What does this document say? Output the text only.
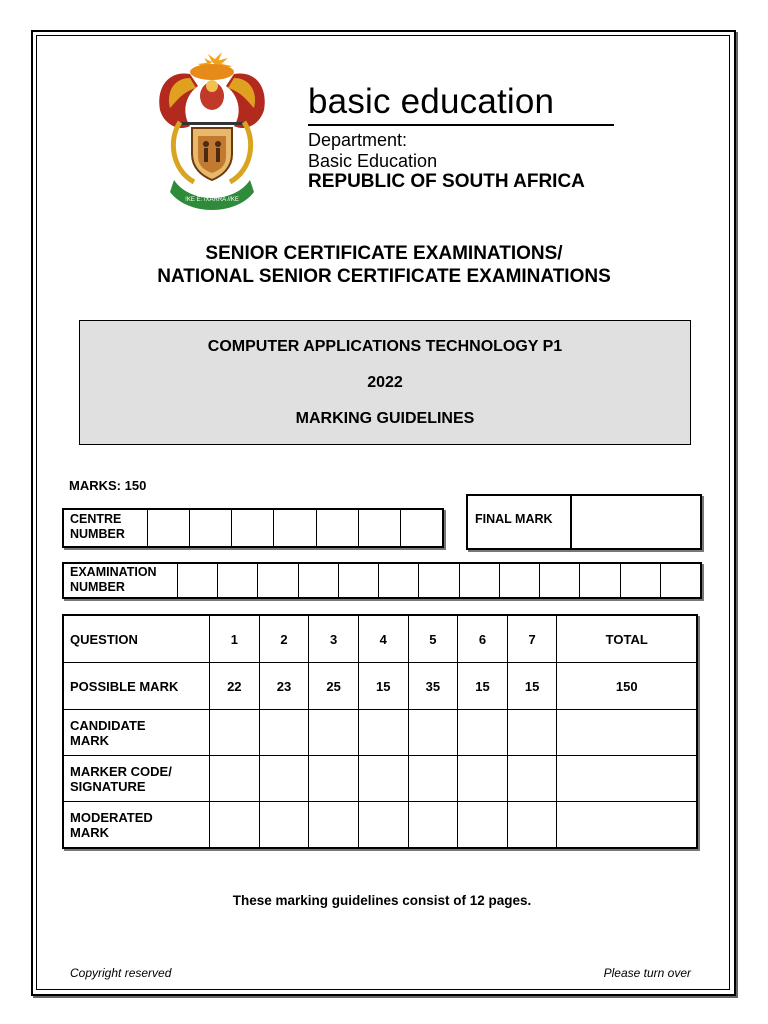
!KE E: /XARRA //KE
basic education
Department:
Basic Education
REPUBLIC OF SOUTH AFRICA
SENIOR CERTIFICATE EXAMINATIONS/
NATIONAL SENIOR CERTIFICATE EXAMINATIONS
COMPUTER APPLICATIONS TECHNOLOGY P1
2022
MARKING GUIDELINES
MARKS: 150
CENTRE
NUMBER
FINAL MARK
EXAMINATION
NUMBER
QUESTION	1	2	3	4	5	6	7	TOTAL
POSSIBLE MARK	22	23	25	15	35	15	15	150

CANDIDATE
MARK								

MARKER CODE/
SIGNATURE								

MODERATED
MARK								

These marking guidelines consist of 12 pages.
Copyright reserved	Please turn over
